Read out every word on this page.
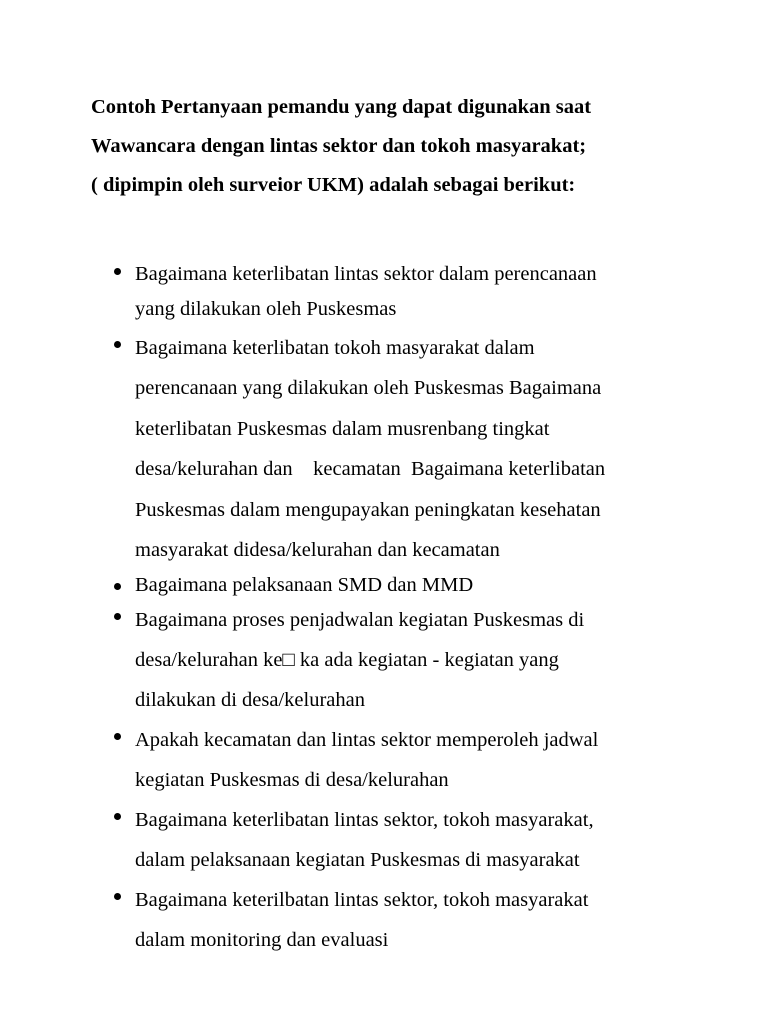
Contoh Pertanyaan pemandu yang dapat digunakan saat
Wawancara dengan lintas sektor dan tokoh masyarakat;
( dipimpin oleh surveior UKM) adalah sebagai berikut:
Bagaimana keterlibatan lintas sektor dalam perencanaan
yang dilakukan oleh Puskesmas
Bagaimana keterlibatan tokoh masyarakat dalam
perencanaan yang dilakukan oleh Puskesmas Bagaimana
keterlibatan Puskesmas dalam musrenbang tingkat
desa/kelurahan dan    kecamatan  Bagaimana keterlibatan
Puskesmas dalam mengupayakan peningkatan kesehatan
masyarakat didesa/kelurahan dan kecamatan
Bagaimana pelaksanaan SMD dan MMD
Bagaimana proses penjadwalan kegiatan Puskesmas di
desa/kelurahan ke□ ka ada kegiatan - kegiatan yang
dilakukan di desa/kelurahan
Apakah kecamatan dan lintas sektor memperoleh jadwal
kegiatan Puskesmas di desa/kelurahan
Bagaimana keterlibatan lintas sektor, tokoh masyarakat,
dalam pelaksanaan kegiatan Puskesmas di masyarakat
Bagaimana keterilbatan lintas sektor, tokoh masyarakat
dalam monitoring dan evaluasi
